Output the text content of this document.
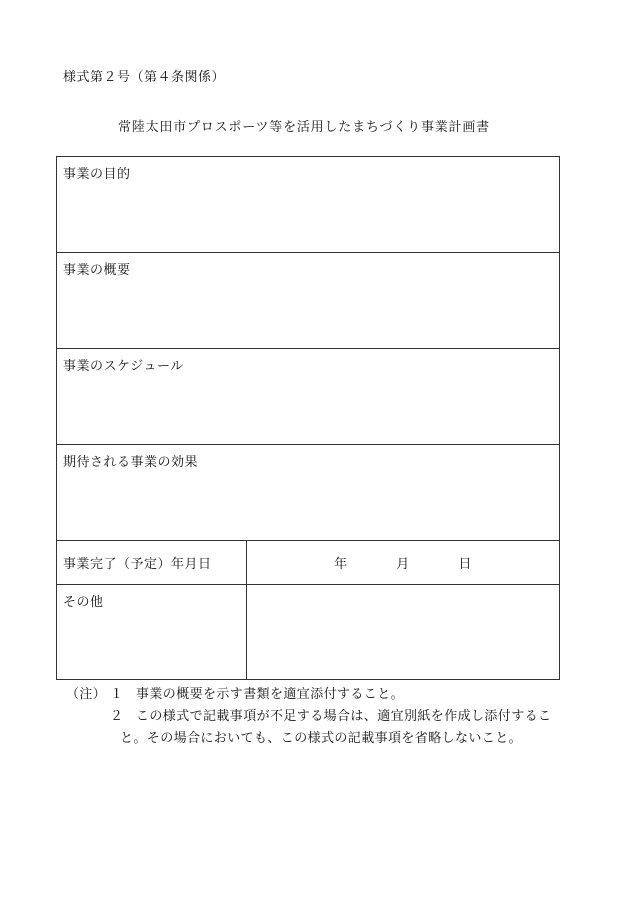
様式第２号（第４条関係）
常陸太田市プロスポーツ等を活用したまちづくり事業計画書
事業の目的	
事業の概要	
事業のスケジュール	
期待される事業の効果	
事業完了（予定）年月日	年 月 日
その他	
（注） １ 事業の概要を示す書類を適宜添付すること。
２ この様式で記載事項が不足する場合は、適宜別紙を作成し添付するこ
と。その場合においても、この様式の記載事項を省略しないこと。
